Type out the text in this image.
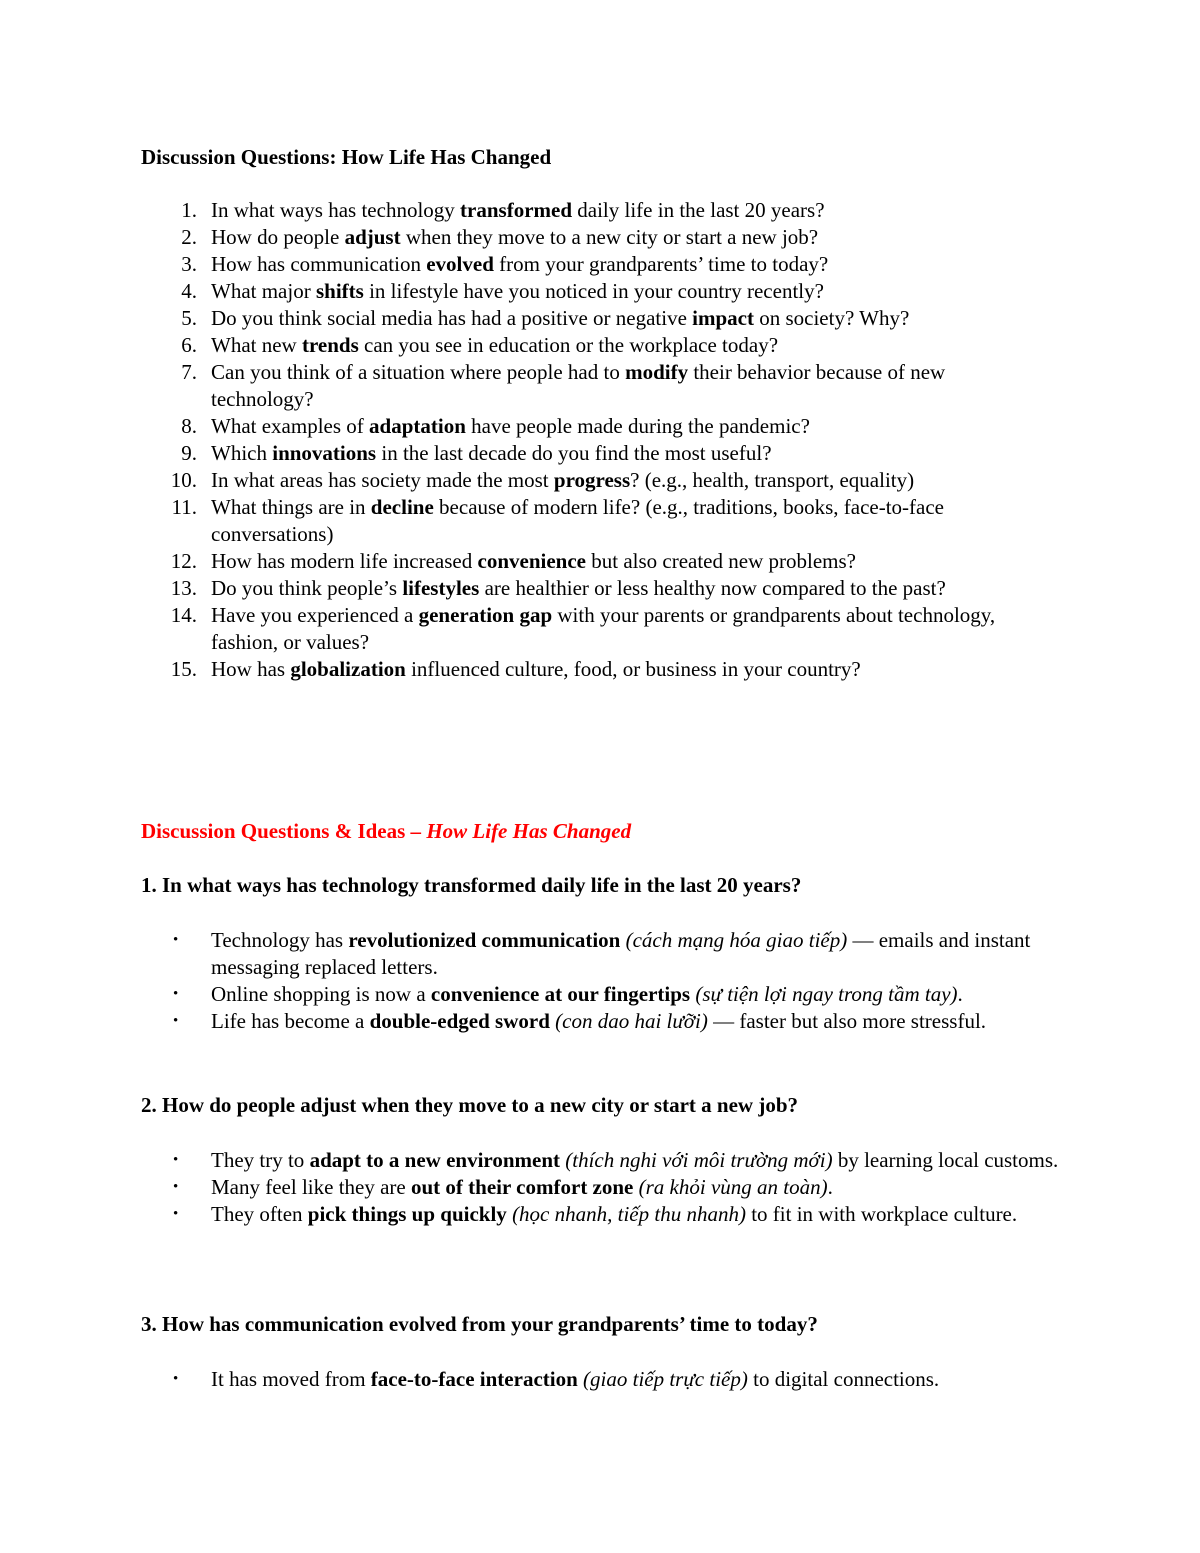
Discussion Questions: How Life Has Changed
1. In what ways has technology transformed daily life in the last 20 years?
2. How do people adjust when they move to a new city or start a new job?
3. How has communication evolved from your grandparents’ time to today?
4. What major shifts in lifestyle have you noticed in your country recently?
5. Do you think social media has had a positive or negative impact on society? Why?
6. What new trends can you see in education or the workplace today?
7. Can you think of a situation where people had to modify their behavior because of new technology?
8. What examples of adaptation have people made during the pandemic?
9. Which innovations in the last decade do you find the most useful?
10. In what areas has society made the most progress? (e.g., health, transport, equality)
11. What things are in decline because of modern life? (e.g., traditions, books, face-to-face conversations)
12. How has modern life increased convenience but also created new problems?
13. Do you think people’s lifestyles are healthier or less healthy now compared to the past?
14. Have you experienced a generation gap with your parents or grandparents about technology, fashion, or values?
15. How has globalization influenced culture, food, or business in your country?
Discussion Questions & Ideas – How Life Has Changed
1. In what ways has technology transformed daily life in the last 20 years?
• Technology has revolutionized communication (cách mạng hóa giao tiếp) — emails and instant messaging replaced letters.
• Online shopping is now a convenience at our fingertips (sự tiện lợi ngay trong tầm tay).
• Life has become a double-edged sword (con dao hai lưỡi) — faster but also more stressful.
2. How do people adjust when they move to a new city or start a new job?
• They try to adapt to a new environment (thích nghi với môi trường mới) by learning local customs.
• Many feel like they are out of their comfort zone (ra khỏi vùng an toàn).
• They often pick things up quickly (học nhanh, tiếp thu nhanh) to fit in with workplace culture.
3. How has communication evolved from your grandparents’ time to today?
• It has moved from face-to-face interaction (giao tiếp trực tiếp) to digital connections.
